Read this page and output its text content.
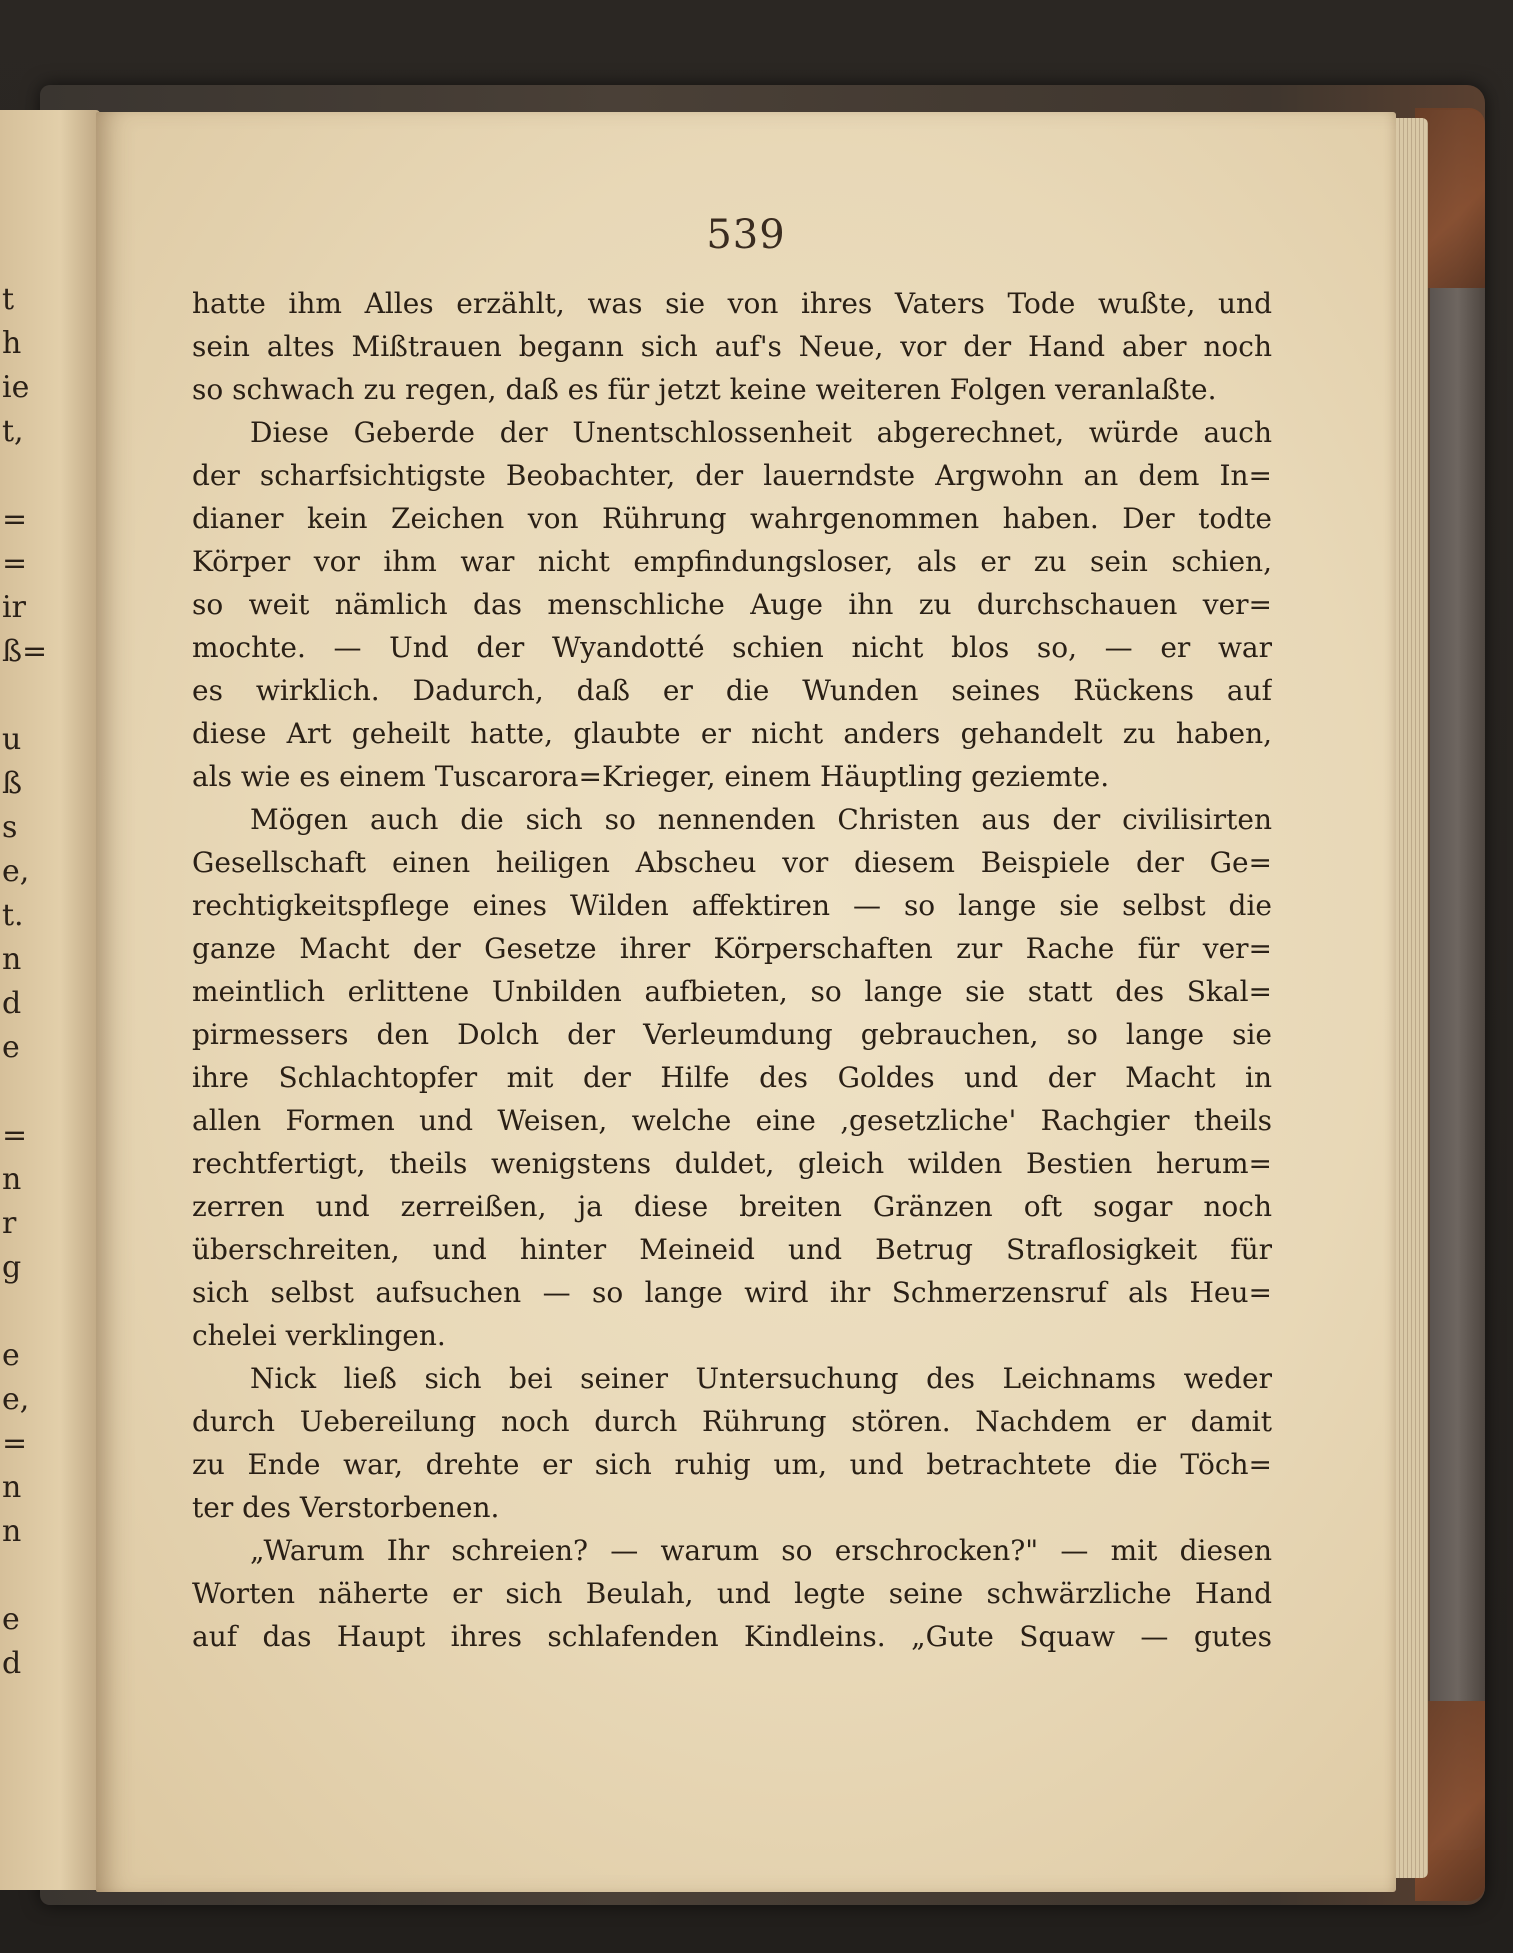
t
h
ie
t,
=
=
ir
ß=
u
ß
s
e,
t.
n
d
e
=
n
r
g
e
e,
=
n
n
e
d
539
hatte ihm Alles erzählt, was sie von ihres Vaters Tode wußte, und
sein altes Mißtrauen begann sich auf's Neue, vor der Hand aber noch
so schwach zu regen, daß es für jetzt keine weiteren Folgen veranlaßte.
Diese Geberde der Unentschlossenheit abgerechnet, würde auch
der scharfsichtigste Beobachter, der lauerndste Argwohn an dem In=
dianer kein Zeichen von Rührung wahrgenommen haben. Der todte
Körper vor ihm war nicht empfindungsloser, als er zu sein schien,
so weit nämlich das menschliche Auge ihn zu durchschauen ver=
mochte. — Und der Wyandotté schien nicht blos so, — er war
es wirklich. Dadurch, daß er die Wunden seines Rückens auf
diese Art geheilt hatte, glaubte er nicht anders gehandelt zu haben,
als wie es einem Tuscarora=Krieger, einem Häuptling geziemte.
Mögen auch die sich so nennenden Christen aus der civilisirten
Gesellschaft einen heiligen Abscheu vor diesem Beispiele der Ge=
rechtigkeitspflege eines Wilden affektiren — so lange sie selbst die
ganze Macht der Gesetze ihrer Körperschaften zur Rache für ver=
meintlich erlittene Unbilden aufbieten, so lange sie statt des Skal=
pirmessers den Dolch der Verleumdung gebrauchen, so lange sie
ihre Schlachtopfer mit der Hilfe des Goldes und der Macht in
allen Formen und Weisen, welche eine ‚gesetzliche' Rachgier theils
rechtfertigt, theils wenigstens duldet, gleich wilden Bestien herum=
zerren und zerreißen, ja diese breiten Gränzen oft sogar noch
überschreiten, und hinter Meineid und Betrug Straflosigkeit für
sich selbst aufsuchen — so lange wird ihr Schmerzensruf als Heu=
chelei verklingen.
Nick ließ sich bei seiner Untersuchung des Leichnams weder
durch Uebereilung noch durch Rührung stören. Nachdem er damit
zu Ende war, drehte er sich ruhig um, und betrachtete die Töch=
ter des Verstorbenen.
„Warum Ihr schreien? — warum so erschrocken?" — mit diesen
Worten näherte er sich Beulah, und legte seine schwärzliche Hand
auf das Haupt ihres schlafenden Kindleins. „Gute Squaw — gutes
